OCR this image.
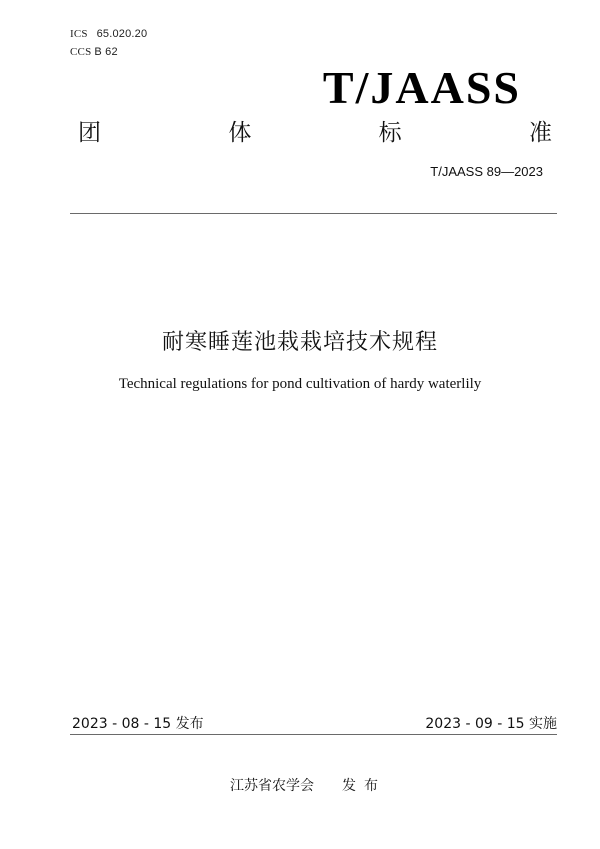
ICS 65.020.20
CCS B 62
T/JAASS
团	体	标	准
T/JAASS 89—2023
耐寒睡莲池栽栽培技术规程
Technical regulations for pond cultivation of hardy waterlily
2023 - 08 - 15 发布	2023 - 09 - 15 实施
江苏省农学会 发布
